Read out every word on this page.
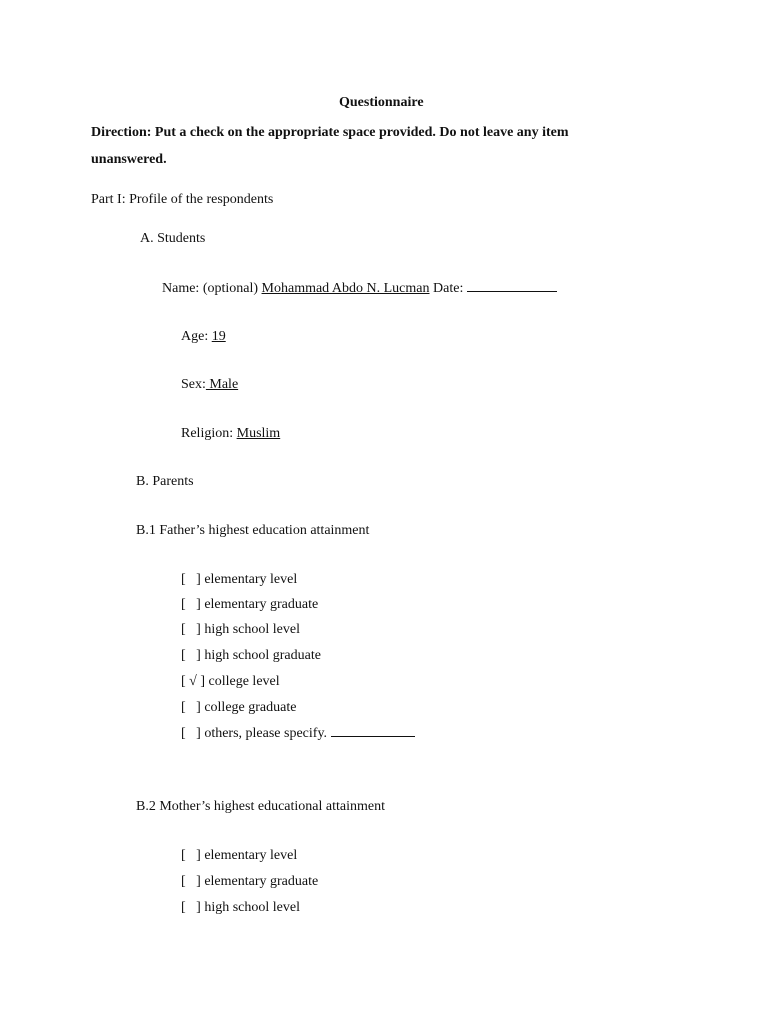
Questionnaire
Direction: Put a check on the appropriate space provided. Do not leave any item
unanswered.
Part I: Profile of the respondents
A. Students
Name: (optional) Mohammad Abdo N. Lucman Date:
Age: 19
Sex: Male
Religion: Muslim
B. Parents
B.1 Father’s highest education attainment
[   ] elementary level
[   ] elementary graduate
[   ] high school level
[   ] high school graduate
[ √ ] college level
[   ] college graduate
[   ] others, please specify.
B.2 Mother’s highest educational attainment
[   ] elementary level
[   ] elementary graduate
[   ] high school level
